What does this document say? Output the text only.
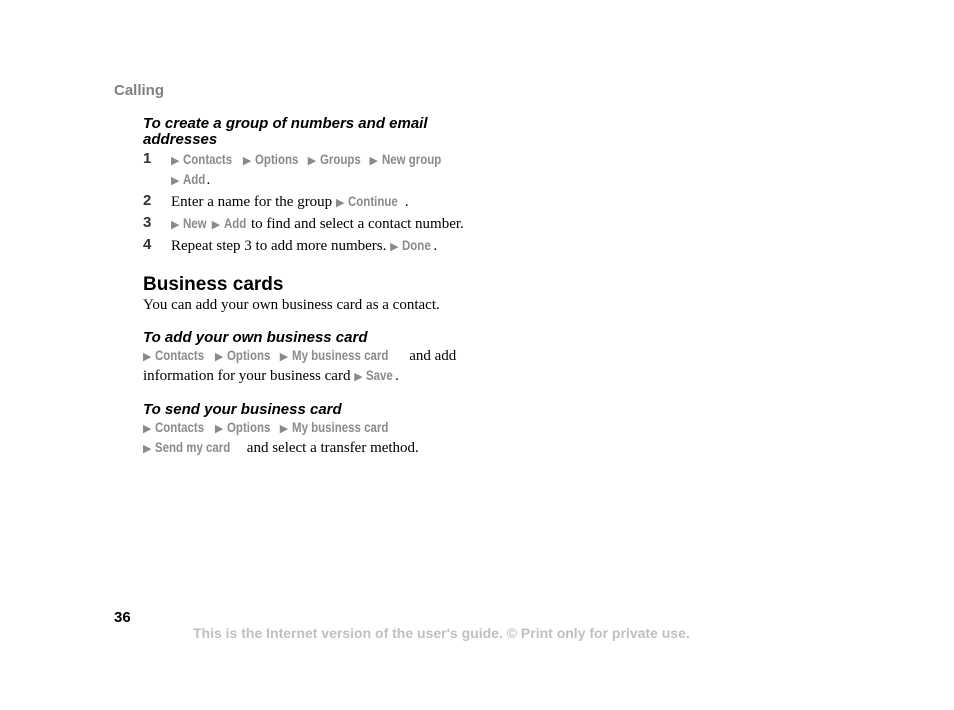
Calling

To create a group of numbers and email addresses

1 ▶ Contacts ▶ Options ▶ Groups ▶ New group
▶ Add.
2 Enter a name for the group ▶ Continue .
3 ▶ New ▶ Add to find and select a contact number.
4 Repeat step 3 to add more numbers. ▶ Done .
Business cards

You can add your own business card as a contact.

To add your own business card

▶ Contacts ▶ Options ▶ My business card and add information for your business card ▶ Save .

To send your business card

▶ Contacts ▶ Options ▶ My business card
▶ Send my card and select a transfer method.

36
This is the Internet version of the user's guide. © Print only for private use.
